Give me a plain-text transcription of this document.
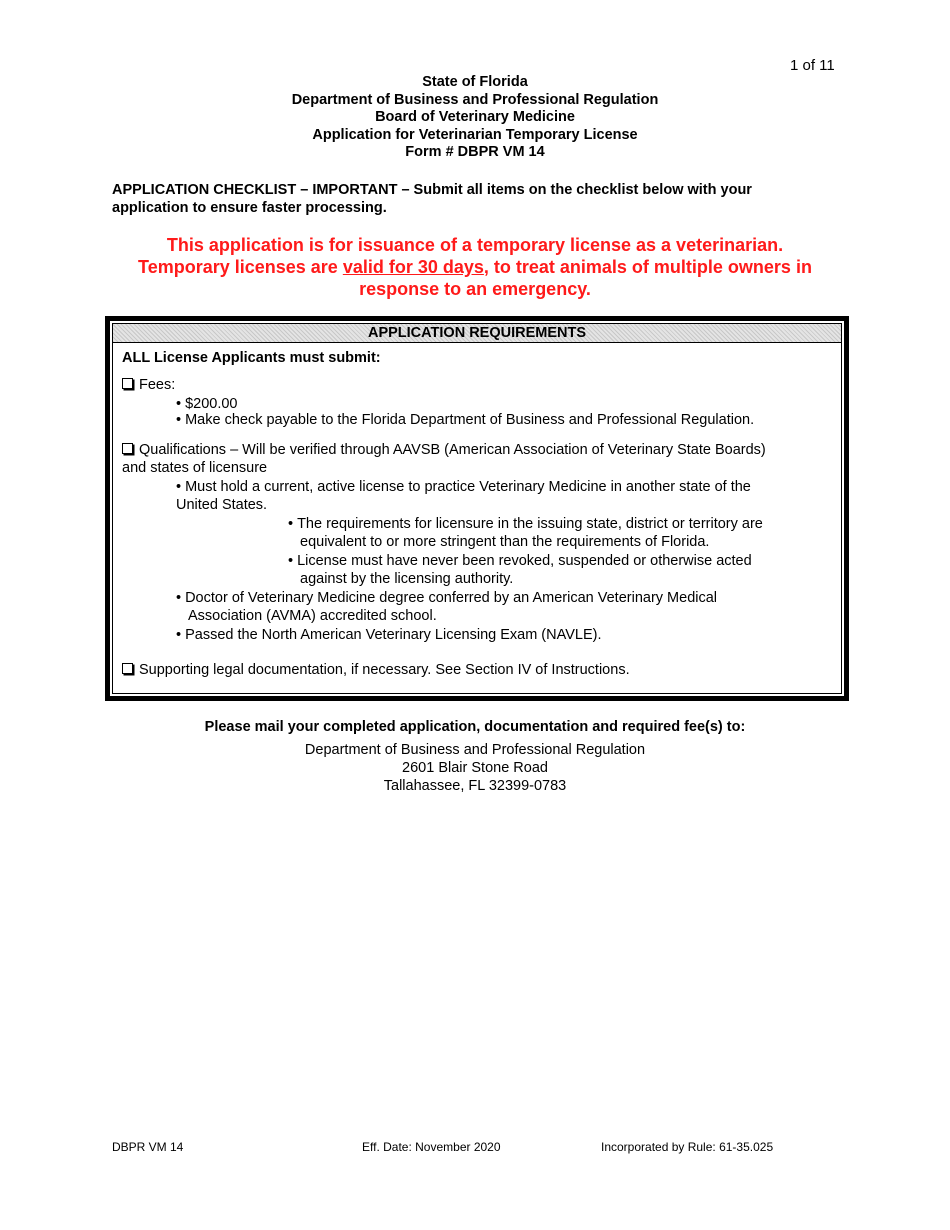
1 of 11
State of Florida
Department of Business and Professional Regulation
Board of Veterinary Medicine
Application for Veterinarian Temporary License
Form # DBPR VM 14
APPLICATION CHECKLIST – IMPORTANT – Submit all items on the checklist below with your
application to ensure faster processing.
This application is for issuance of a temporary license as a veterinarian.
Temporary licenses are valid for 30 days, to treat animals of multiple owners in
response to an emergency.
APPLICATION REQUIREMENTS
ALL License Applicants must submit:
Fees:
• $200.00
• Make check payable to the Florida Department of Business and Professional Regulation.
Qualifications – Will be verified through AAVSB (American Association of Veterinary State Boards)
and states of licensure
• Must hold a current, active license to practice Veterinary Medicine in another state of the
United States.
• The requirements for licensure in the issuing state, district or territory are
equivalent to or more stringent than the requirements of Florida.
• License must have never been revoked, suspended or otherwise acted
against by the licensing authority.
• Doctor of Veterinary Medicine degree conferred by an American Veterinary Medical
Association (AVMA) accredited school.
• Passed the North American Veterinary Licensing Exam (NAVLE).
Supporting legal documentation, if necessary. See Section IV of Instructions.
Please mail your completed application, documentation and required fee(s) to:
Department of Business and Professional Regulation
2601 Blair Stone Road
Tallahassee, FL 32399-0783
DBPR VM 14	Eff. Date: November 2020	Incorporated by Rule: 61-35.025
